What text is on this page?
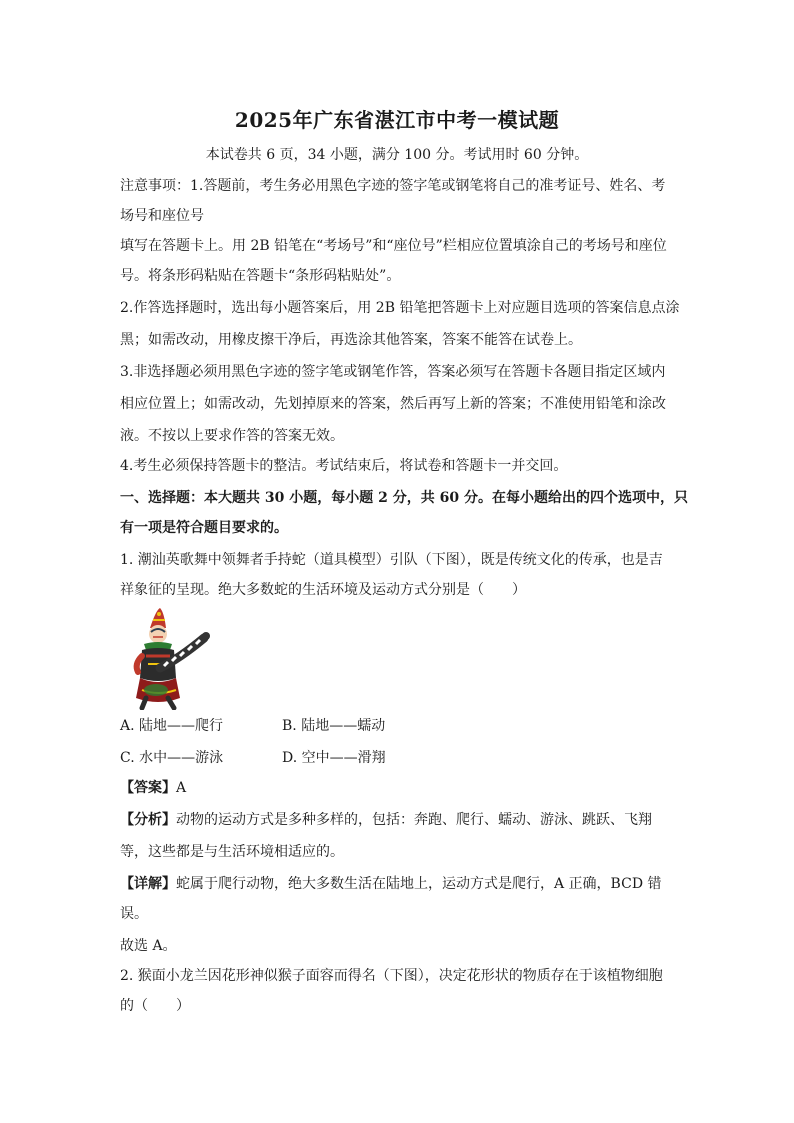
2025年广东省湛江市中考一模试题
本试卷共 6 页，34 小题，满分 100 分。考试用时 60 分钟。
注意事项：1.答题前，考生务必用黑色字迹的签字笔或钢笔将自己的准考证号、姓名、考
场号和座位号
填写在答题卡上。用 2B 铅笔在“考场号”和“座位号”栏相应位置填涂自己的考场号和座位
号。将条形码粘贴在答题卡“条形码粘贴处”。
2.作答选择题时，选出每小题答案后，用 2B 铅笔把答题卡上对应题目选项的答案信息点涂
黑；如需改动，用橡皮擦干净后，再选涂其他答案，答案不能答在试卷上。
3.非选择题必须用黑色字迹的签字笔或钢笔作答，答案必须写在答题卡各题目指定区域内
相应位置上；如需改动，先划掉原来的答案，然后再写上新的答案；不准使用铅笔和涂改
液。不按以上要求作答的答案无效。
4.考生必须保持答题卡的整洁。考试结束后，将试卷和答题卡一并交回。
一、选择题：本大题共 30 小题，每小题 2 分，共 60 分。在每小题给出的四个选项中，只
有一项是符合题目要求的。
1. 潮汕英歌舞中领舞者手持蛇（道具模型）引队（下图），既是传统文化的传承，也是吉
祥象征的呈现。绝大多数蛇的生活环境及运动方式分别是（　　）
A. 陆地——爬行	B. 陆地——蠕动
C. 水中——游泳	D. 空中——滑翔
【答案】A
【分析】动物的运动方式是多种多样的，包括：奔跑、爬行、蠕动、游泳、跳跃、飞翔
等，这些都是与生活环境相适应的。
【详解】蛇属于爬行动物，绝大多数生活在陆地上，运动方式是爬行，A 正确，BCD 错
误。
故选 A。
2. 猴面小龙兰因花形神似猴子面容而得名（下图），决定花形状的物质存在于该植物细胞
的（　　）
